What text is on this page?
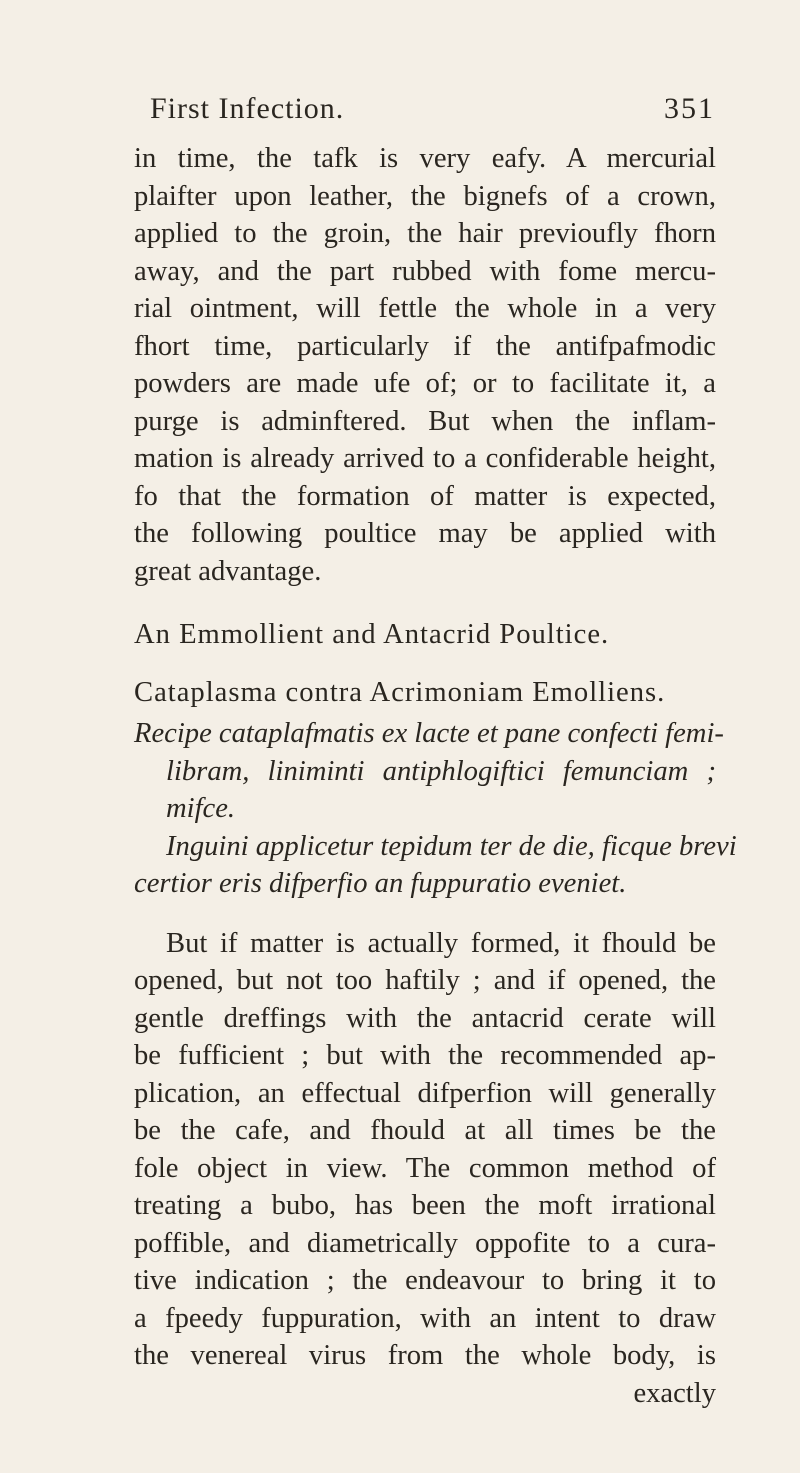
First Infection.	351
in time, the tafk is very eafy. A mercurial
plaifter upon leather, the bignefs of a crown,
applied to the groin, the hair previoufly fhorn
away, and the part rubbed with fome mercu-
rial ointment, will fettle the whole in a very
fhort time, particularly if the antifpafmodic
powders are made ufe of; or to facilitate it, a
purge is adminftered. But when the inflam-
mation is already arrived to a confiderable height,
fo that the formation of matter is expected,
the following poultice may be applied with
great advantage.
An Emmollient and Antacrid Poultice.
Cataplasma contra Acrimoniam Emolliens.
Recipe cataplafmatis ex lacte et pane confecti femi-
libram, liniminti antiphlogiftici femunciam ;
mifce.
Inguini applicetur tepidum ter de die, ficque brevi
certior eris difperfio an fuppuratio eveniet.
But if matter is actually formed, it fhould be
opened, but not too haftily ; and if opened, the
gentle dreffings with the antacrid cerate will
be fufficient ; but with the recommended ap-
plication, an effectual difperfion will generally
be the cafe, and fhould at all times be the
fole object in view. The common method of
treating a bubo, has been the moft irrational
poffible, and diametrically oppofite to a cura-
tive indication ; the endeavour to bring it to
a fpeedy fuppuration, with an intent to draw
the venereal virus from the whole body, is
exactly
